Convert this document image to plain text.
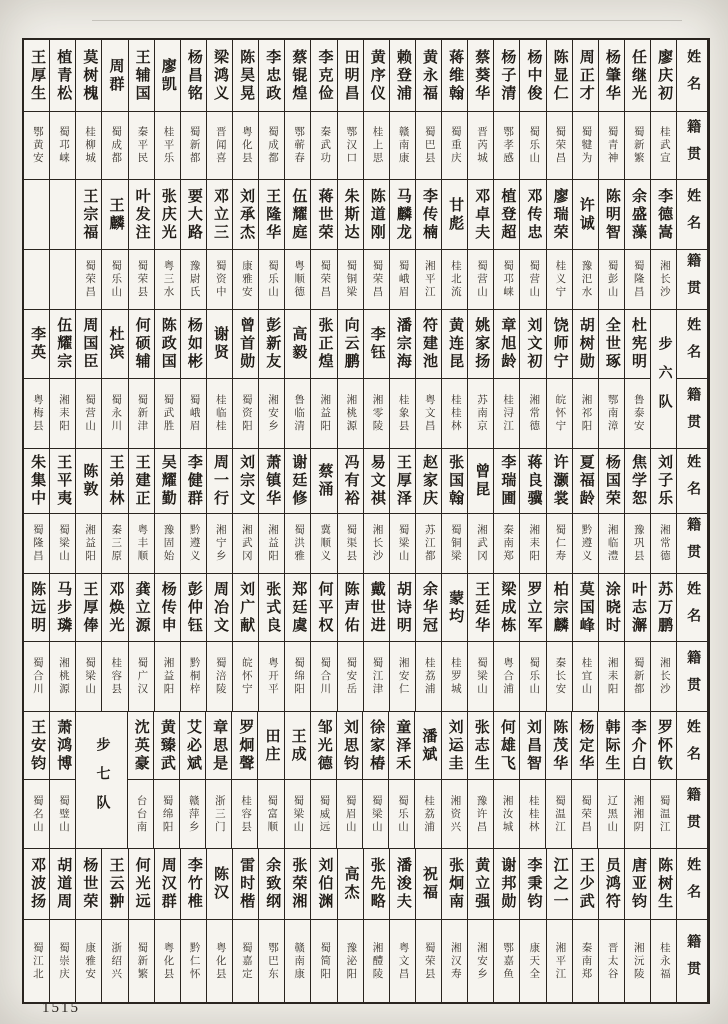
王厚生
鄂黄安
植青松
蜀邛崃
莫树槐
桂柳城
周群
蜀成都
王辅国
秦平民
廖凯
桂平乐
杨昌铭
蜀新都
梁鸿义
晋闻喜
陈昊晃
粤化县
李忠政
蜀成都
蔡锟煌
鄂蕲春
李克俭
秦武功
田明昌
鄂汉口
黄序仪
桂上思
赖登浦
赣南康
黄永福
蜀巴县
蒋维翰
蜀重庆
蔡葵华
晋芮城
杨子清
鄂孝感
杨中俊
蜀乐山
陈显仁
蜀荣昌
周正才
蜀犍为
杨肇华
蜀青神
任继光
蜀新繁
廖庆初
桂武宣
姓名
籍贯
王宗福
蜀荣昌
王麟
蜀乐山
叶发注
蜀荣县
张庆光
粤三水
要大路
豫尉氏
邓立三
蜀资中
刘承杰
康雅安
王隆华
蜀乐山
伍耀庭
粤顺德
蒋世荣
蜀荣昌
朱斯达
蜀铜梁
陈道刚
蜀荣昌
马麟龙
蜀峨眉
李传楠
湘平江
甘彪
桂北流
邓卓夫
蜀营山
植登超
蜀邛崃
邓传忠
蜀营山
廖瑞荣
桂义宁
许诚
豫汜水
陈明智
蜀彭山
余盛藻
蜀隆昌
李德嵩
湘长沙
姓名
籍贯
李英
粤梅县
伍耀宗
湘耒阳
周国臣
蜀营山
杜滨
蜀永川
何硕辅
蜀新津
陈政国
蜀武胜
杨如彬
蜀峨眉
谢贤
桂临桂
曾首勋
蜀资阳
彭新友
湘安乡
高毅
鲁临清
张正煌
湘益阳
向云鹏
湘桃源
李钰
湘零陵
潘宗海
桂象县
符建池
粤文昌
黄连昆
桂桂林
姚家扬
苏南京
章旭龄
桂浔江
刘文初
湘常德
饶师宁
皖怀宁
胡树勋
湘祁阳
全世琢
鄂南漳
杜宪明
鲁泰安 步六队 姓名
籍贯
朱集中
蜀隆昌
王平夷
蜀梁山
陈敦
湘益阳
王弟林
秦三原
王建正
粤丰顺
吴耀勤
豫固始
李健群
黔遵义
周一行
湘宁乡
刘宗文
湘武冈
萧镇华
湘益阳
谢廷修
蜀洪雅
蔡涌
冀顺义
冯有裕
蜀渠县
易文祺
湘长沙
王厚泽
蜀梁山
赵家庆
苏江都
张国翰
蜀铜梁
曾昆
湘武冈
李瑞圃
秦南郑
蒋良骥
湘耒阳
许灏裳
蜀仁寿
夏福龄
黔遵义
杨国荣
湘临澧
焦学恕
豫巩县
刘子乐
湘常德
姓名
籍贯
陈远明
蜀合川
马步璘
湘桃源
王厚俸
蜀梁山
邓焕光
桂容县
龚立源
蜀广汉
杨传申
湘益阳
彭仲钰
黔桐梓
周冶文
蜀涪陵
刘广献
皖怀宁
张式良
粤开平
郑廷虞
蜀绵阳
何平权
蜀合川
陈声佑
蜀安岳
戴世进
蜀江津
胡诗明
湘安仁
余华冠
桂荔浦
蒙均
桂罗城
王廷华
蜀梁山
梁成栋
粤合浦
罗立军
蜀乐山
柏宗麟
秦长安
莫国峰
桂宜山
涂晓时
湘耒阳
叶志澥
蜀新都
苏万鹏
湘长沙
姓名
籍贯
王安钧
蜀名山
萧鸿博
蜀璧山 步七队 沈英豪
台台南
黄臻武
蜀绵阳
艾必斌
赣萍乡
章思是
浙三门
罗炯聲
桂容县
田庄
蜀富顺
王成
蜀梁山
邹光德
蜀威远
刘思钧
蜀眉山
徐家椿
蜀梁山
童泽禾
蜀乐山
潘斌
桂荔浦
刘运圭
湘资兴
张志生
豫许昌
何雄飞
湘汝城
刘昌智
桂桂林
陈茂华
蜀温江
杨定华
蜀荣昌
韩际生
辽黑山
李介白
湘湘阴
罗怀钦
蜀温江
姓名
籍贯
邓波扬
蜀江北
胡道周
蜀崇庆
杨世荣
康雅安
王云翀
浙绍兴
何光远
蜀新繁
周汉群
粤化县
李竹椎
黔仁怀
陈汉
粤化县
雷时楷
蜀嘉定
余致纲
鄂巴东
张荣湘
赣南康
刘伯渊
蜀简阳
高杰
豫泌阳
张先略
湘醴陵
潘浚夫
粤文昌
祝福
蜀荣县
张炯南
湘汉寿
黄立强
湘安乡
谢邦勋
鄂嘉鱼
李秉钧
康天全
江之一
湘平江
王少武
秦南郑
员鸿符
晋太谷
唐亚钧
湘沅陵
陈树生
桂永福
姓名
籍贯
1515
